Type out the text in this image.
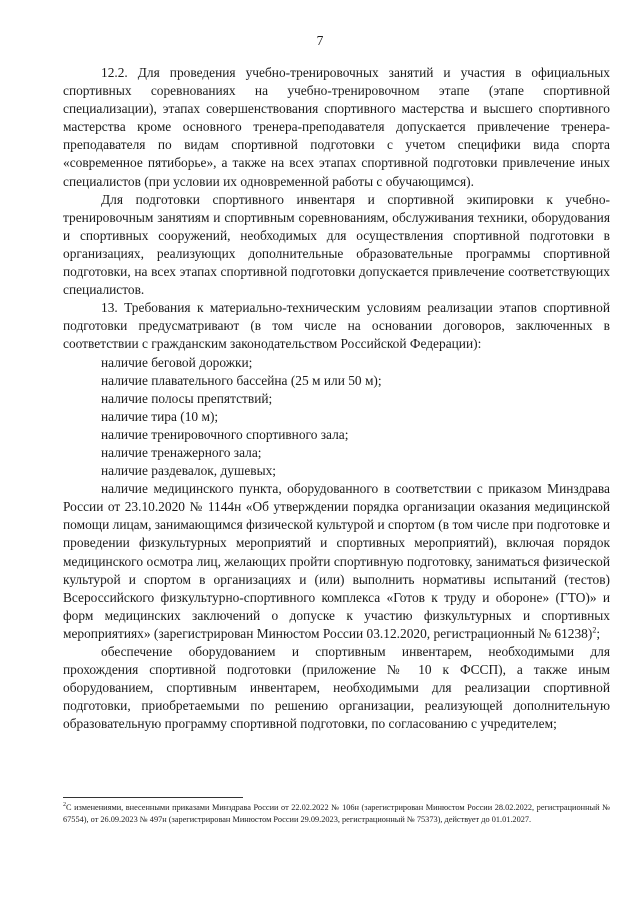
7

12.2. Для проведения учебно-тренировочных занятий и участия в официальных спортивных соревнованиях на учебно-тренировочном этапе (этапе спортивной специализации), этапах совершенствования спортивного мастерства и высшего спортивного мастерства кроме основного тренера-преподавателя допускается привлечение тренера-преподавателя по видам спортивной подготовки с учетом специфики вида спорта «современное пятиборье», а также на всех этапах спортивной подготовки привлечение иных специалистов (при условии их одновременной работы с обучающимся).

Для подготовки спортивного инвентаря и спортивной экипировки к учебно-тренировочным занятиям и спортивным соревнованиям, обслуживания техники, оборудования и спортивных сооружений, необходимых для осуществления спортивной подготовки в организациях, реализующих дополнительные образовательные программы спортивной подготовки, на всех этапах спортивной подготовки допускается привлечение соответствующих специалистов.

13. Требования к материально-техническим условиям реализации этапов спортивной подготовки предусматривают (в том числе на основании договоров, заключенных в соответствии с гражданским законодательством Российской Федерации):

наличие беговой дорожки;

наличие плавательного бассейна (25 м или 50 м);

наличие полосы препятствий;

наличие тира (10 м);

наличие тренировочного спортивного зала;

наличие тренажерного зала;

наличие раздевалок, душевых;

наличие медицинского пункта, оборудованного в соответствии с приказом Минздрава России от 23.10.2020 № 1144н «Об утверждении порядка организации оказания медицинской помощи лицам, занимающимся физической культурой и спортом (в том числе при подготовке и проведении физкультурных мероприятий и спортивных мероприятий), включая порядок медицинского осмотра лиц, желающих пройти спортивную подготовку, заниматься физической культурой и спортом в организациях и (или) выполнить нормативы испытаний (тестов) Всероссийского физкультурно-спортивного комплекса «Готов к труду и обороне» (ГТО)» и форм медицинских заключений о допуске к участию физкультурных и спортивных мероприятиях» (зарегистрирован Минюстом России 03.12.2020, регистрационный № 61238)$^2$;

обеспечение оборудованием и спортивным инвентарем, необходимыми для прохождения спортивной подготовки (приложение № 10 к ФССП), а также иным оборудованием, спортивным инвентарем, необходимыми для реализации спортивной подготовки, приобретаемыми по решению организации, реализующей дополнительную образовательную программу спортивной подготовки, по согласованию с учредителем;

$^2$С изменениями, внесенными приказами Минздрава России от 22.02.2022 № 106н (зарегистрирован Минюстом России 28.02.2022, регистрационный № 67554), от 26.09.2023 № 497н (зарегистрирован Минюстом России 29.09.2023, регистрационный № 75373), действует до 01.01.2027.
